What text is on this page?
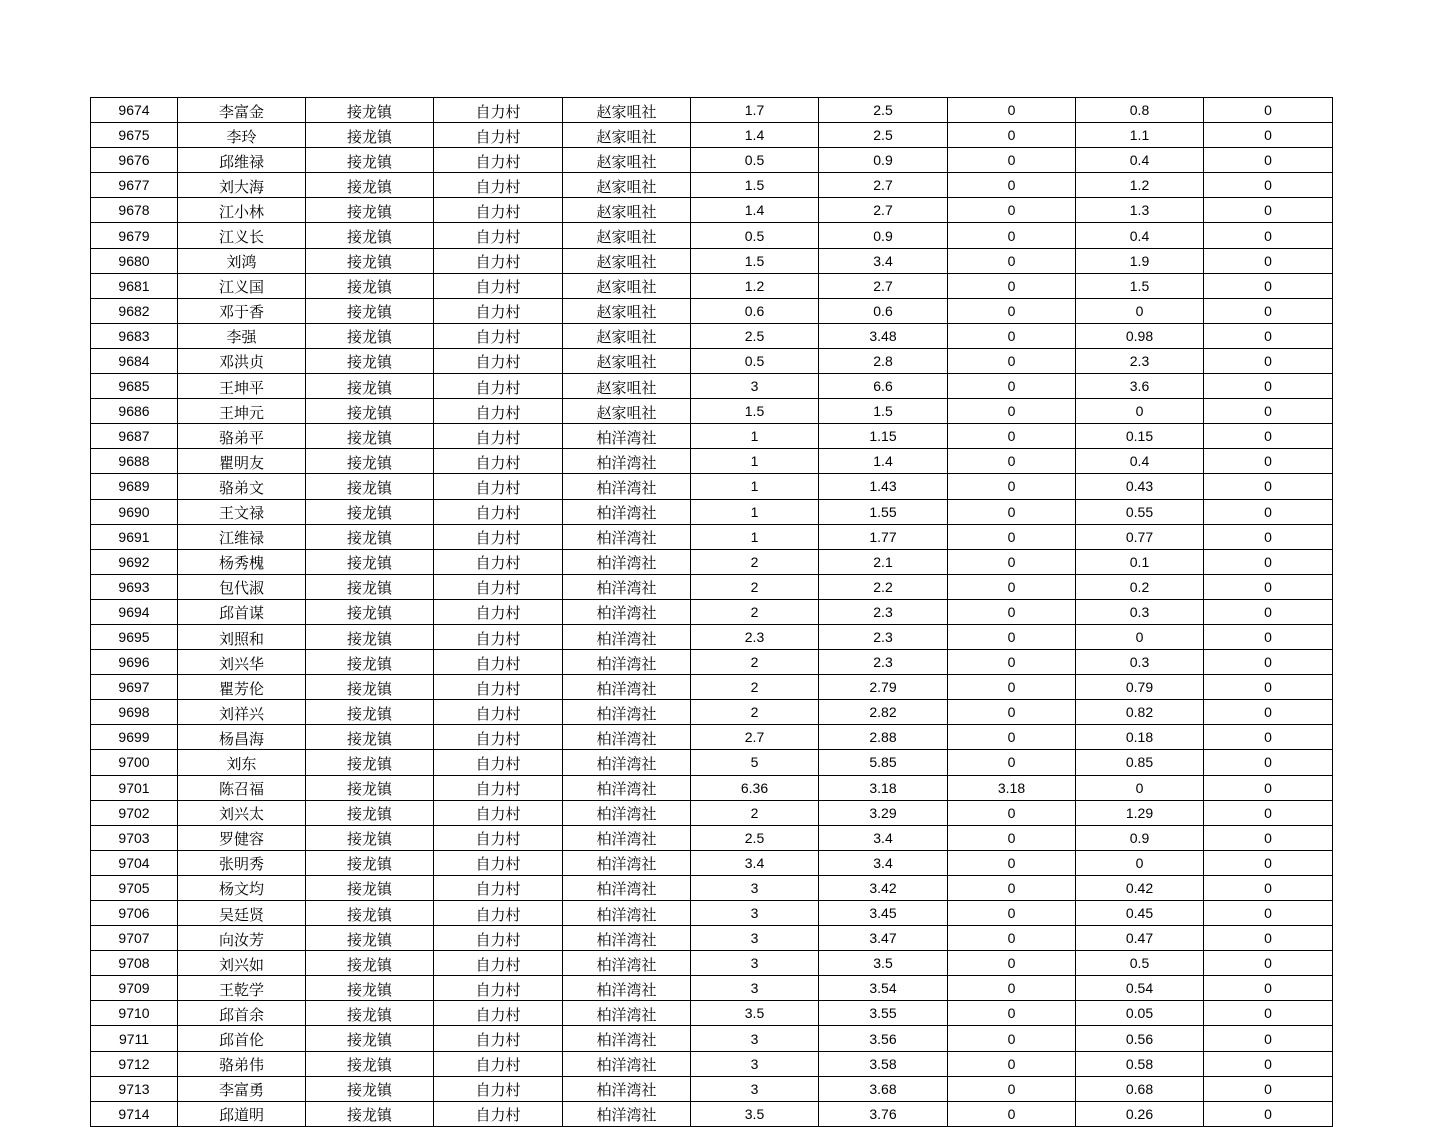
9674	李富金	接龙镇	自力村	赵家咀社	1.7	2.5	0	0.8	0
9675	李玲	接龙镇	自力村	赵家咀社	1.4	2.5	0	1.1	0
9676	邱维禄	接龙镇	自力村	赵家咀社	0.5	0.9	0	0.4	0
9677	刘大海	接龙镇	自力村	赵家咀社	1.5	2.7	0	1.2	0
9678	江小林	接龙镇	自力村	赵家咀社	1.4	2.7	0	1.3	0
9679	江义长	接龙镇	自力村	赵家咀社	0.5	0.9	0	0.4	0
9680	刘鸿	接龙镇	自力村	赵家咀社	1.5	3.4	0	1.9	0
9681	江义国	接龙镇	自力村	赵家咀社	1.2	2.7	0	1.5	0
9682	邓于香	接龙镇	自力村	赵家咀社	0.6	0.6	0	0	0
9683	李强	接龙镇	自力村	赵家咀社	2.5	3.48	0	0.98	0
9684	邓洪贞	接龙镇	自力村	赵家咀社	0.5	2.8	0	2.3	0
9685	王坤平	接龙镇	自力村	赵家咀社	3	6.6	0	3.6	0
9686	王坤元	接龙镇	自力村	赵家咀社	1.5	1.5	0	0	0
9687	骆弟平	接龙镇	自力村	柏洋湾社	1	1.15	0	0.15	0
9688	瞿明友	接龙镇	自力村	柏洋湾社	1	1.4	0	0.4	0
9689	骆弟文	接龙镇	自力村	柏洋湾社	1	1.43	0	0.43	0
9690	王文禄	接龙镇	自力村	柏洋湾社	1	1.55	0	0.55	0
9691	江维禄	接龙镇	自力村	柏洋湾社	1	1.77	0	0.77	0
9692	杨秀槐	接龙镇	自力村	柏洋湾社	2	2.1	0	0.1	0
9693	包代淑	接龙镇	自力村	柏洋湾社	2	2.2	0	0.2	0
9694	邱首谋	接龙镇	自力村	柏洋湾社	2	2.3	0	0.3	0
9695	刘照和	接龙镇	自力村	柏洋湾社	2.3	2.3	0	0	0
9696	刘兴华	接龙镇	自力村	柏洋湾社	2	2.3	0	0.3	0
9697	瞿芳伦	接龙镇	自力村	柏洋湾社	2	2.79	0	0.79	0
9698	刘祥兴	接龙镇	自力村	柏洋湾社	2	2.82	0	0.82	0
9699	杨昌海	接龙镇	自力村	柏洋湾社	2.7	2.88	0	0.18	0
9700	刘东	接龙镇	自力村	柏洋湾社	5	5.85	0	0.85	0
9701	陈召福	接龙镇	自力村	柏洋湾社	6.36	3.18	3.18	0	0
9702	刘兴太	接龙镇	自力村	柏洋湾社	2	3.29	0	1.29	0
9703	罗健容	接龙镇	自力村	柏洋湾社	2.5	3.4	0	0.9	0
9704	张明秀	接龙镇	自力村	柏洋湾社	3.4	3.4	0	0	0
9705	杨文均	接龙镇	自力村	柏洋湾社	3	3.42	0	0.42	0
9706	吴廷贤	接龙镇	自力村	柏洋湾社	3	3.45	0	0.45	0
9707	向汝芳	接龙镇	自力村	柏洋湾社	3	3.47	0	0.47	0
9708	刘兴如	接龙镇	自力村	柏洋湾社	3	3.5	0	0.5	0
9709	王乾学	接龙镇	自力村	柏洋湾社	3	3.54	0	0.54	0
9710	邱首余	接龙镇	自力村	柏洋湾社	3.5	3.55	0	0.05	0
9711	邱首伦	接龙镇	自力村	柏洋湾社	3	3.56	0	0.56	0
9712	骆弟伟	接龙镇	自力村	柏洋湾社	3	3.58	0	0.58	0
9713	李富勇	接龙镇	自力村	柏洋湾社	3	3.68	0	0.68	0
9714	邱道明	接龙镇	自力村	柏洋湾社	3.5	3.76	0	0.26	0
